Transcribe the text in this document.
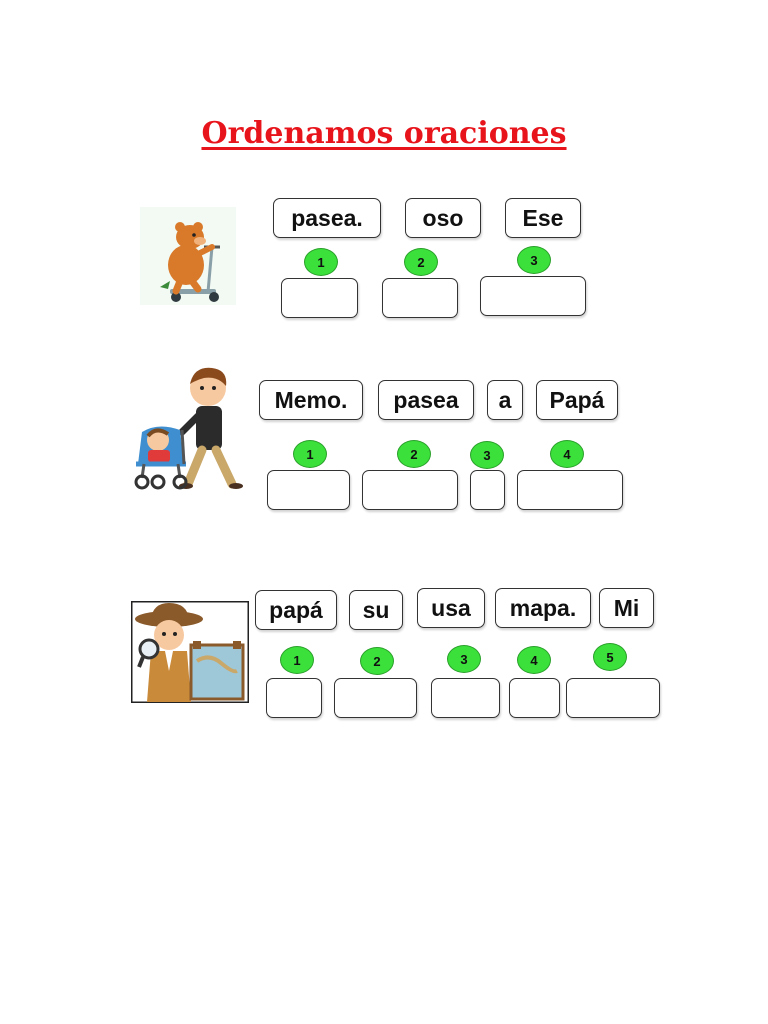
Ordenamos oraciones
pasea.	oso	Ese
1	2	3
Memo.	pasea	a	Papá
1	2	3	4
papá	su	usa	mapa.	Mi
1	2	3	4	5
